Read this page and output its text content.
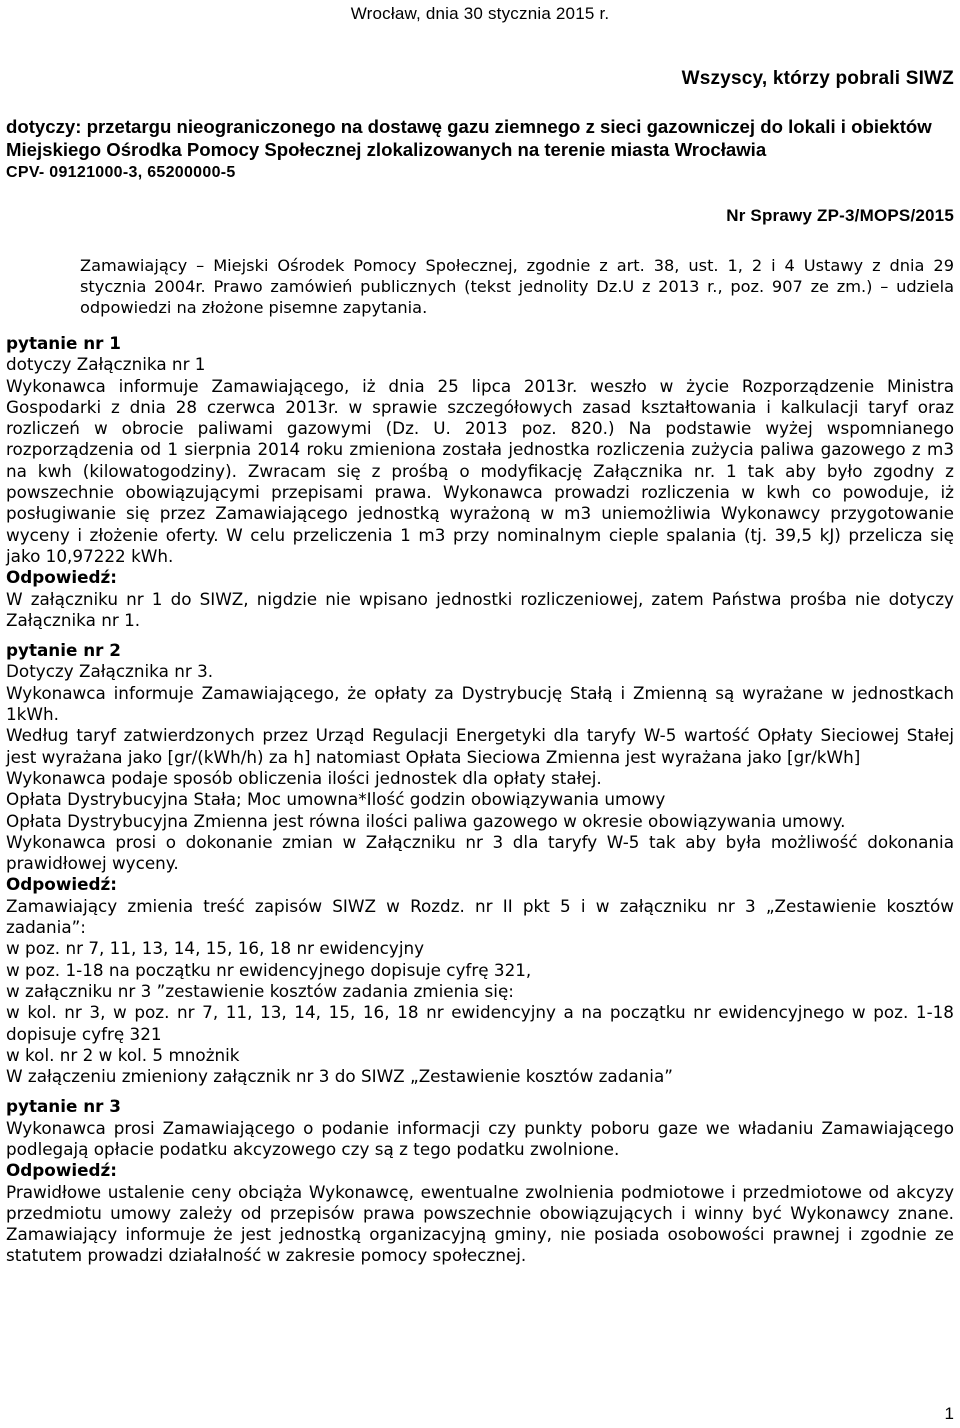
Wrocław, dnia 30 stycznia 2015 r.
Wszyscy, którzy pobrali SIWZ
dotyczy: przetargu nieograniczonego na dostawę gazu ziemnego z sieci gazowniczej do lokali i obiektów Miejskiego Ośrodka Pomocy Społecznej zlokalizowanych na terenie miasta Wrocławia
CPV- 09121000-3, 65200000-5
Nr Sprawy ZP-3/MOPS/2015
Zamawiający – Miejski Ośrodek Pomocy Społecznej, zgodnie z art. 38, ust. 1, 2 i 4 Ustawy z dnia 29 stycznia 2004r. Prawo zamówień publicznych (tekst jednolity Dz.U z 2013 r., poz. 907 ze zm.) – udziela odpowiedzi na złożone pisemne zapytania.

pytanie nr 1

dotyczy Załącznika nr 1

Wykonawca informuje Zamawiającego, iż dnia 25 lipca 2013r. weszło w życie Rozporządzenie Ministra Gospodarki z dnia 28 czerwca 2013r. w sprawie szczegółowych zasad kształtowania i kalkulacji taryf oraz rozliczeń w obrocie paliwami gazowymi (Dz. U. 2013 poz. 820.) Na podstawie wyżej wspomnianego rozporządzenia od 1 sierpnia 2014 roku zmieniona została jednostka rozliczenia zużycia paliwa gazowego z m3 na kwh (kilowatogodziny). Zwracam się z prośbą o modyfikację Załącznika nr. 1 tak aby było zgodny z powszechnie obowiązującymi przepisami prawa. Wykonawca prowadzi rozliczenia w kwh co powoduje, iż posługiwanie się przez Zamawiającego jednostką wyrażoną w m3 uniemożliwia Wykonawcy przygotowanie wyceny i złożenie oferty. W celu przeliczenia 1 m3 przy nominalnym cieple spalania (tj. 39,5 kJ) przelicza się jako 10,97222 kWh.

Odpowiedź:

W załączniku nr 1 do SIWZ, nigdzie nie wpisano jednostki rozliczeniowej, zatem Państwa prośba nie dotyczy Załącznika nr 1.

pytanie nr 2

Dotyczy Załącznika nr 3.

Wykonawca informuje Zamawiającego, że opłaty za Dystrybucję Stałą i Zmienną są wyrażane w jednostkach 1kWh.

Według taryf zatwierdzonych przez Urząd Regulacji Energetyki dla taryfy W-5 wartość Opłaty Sieciowej Stałej jest wyrażana jako [gr/(kWh/h) za h] natomiast Opłata Sieciowa Zmienna jest wyrażana jako [gr/kWh]

Wykonawca podaje sposób obliczenia ilości jednostek dla opłaty stałej.

Opłata Dystrybucyjna Stała; Moc umowna*Ilość godzin obowiązywania umowy

Opłata Dystrybucyjna Zmienna jest równa ilości paliwa gazowego w okresie obowiązywania umowy.

Wykonawca prosi o dokonanie zmian w Załączniku nr 3 dla taryfy W-5 tak aby była możliwość dokonania prawidłowej wyceny.

Odpowiedź:

Zamawiający zmienia treść zapisów SIWZ w Rozdz. nr II pkt 5 i w załączniku nr 3 „Zestawienie kosztów zadania”:

w poz. nr 7, 11, 13, 14, 15, 16, 18 nr ewidencyjny

w poz. 1-18 na początku nr ewidencyjnego dopisuje cyfrę 321,

w załączniku nr 3 ”zestawienie kosztów zadania zmienia się:

w kol. nr 3, w poz. nr 7, 11, 13, 14, 15, 16, 18 nr ewidencyjny a na początku nr ewidencyjnego w poz. 1-18 dopisuje cyfrę 321

w kol. nr 2 w kol. 5 mnożnik

W załączeniu zmieniony załącznik nr 3 do SIWZ „Zestawienie kosztów zadania”

pytanie nr 3

Wykonawca prosi Zamawiającego o podanie informacji czy punkty poboru gaze we władaniu Zamawiającego podlegają opłacie podatku akcyzowego czy są z tego podatku zwolnione.

Odpowiedź:

Prawidłowe ustalenie ceny obciąża Wykonawcę, ewentualne zwolnienia podmiotowe i przedmiotowe od akcyzy przedmiotu umowy zależy od przepisów prawa powszechnie obowiązujących i winny być Wykonawcy znane. Zamawiający informuje że jest jednostką organizacyjną gminy, nie posiada osobowości prawnej i zgodnie ze statutem prowadzi działalność w zakresie pomocy społecznej.

1
